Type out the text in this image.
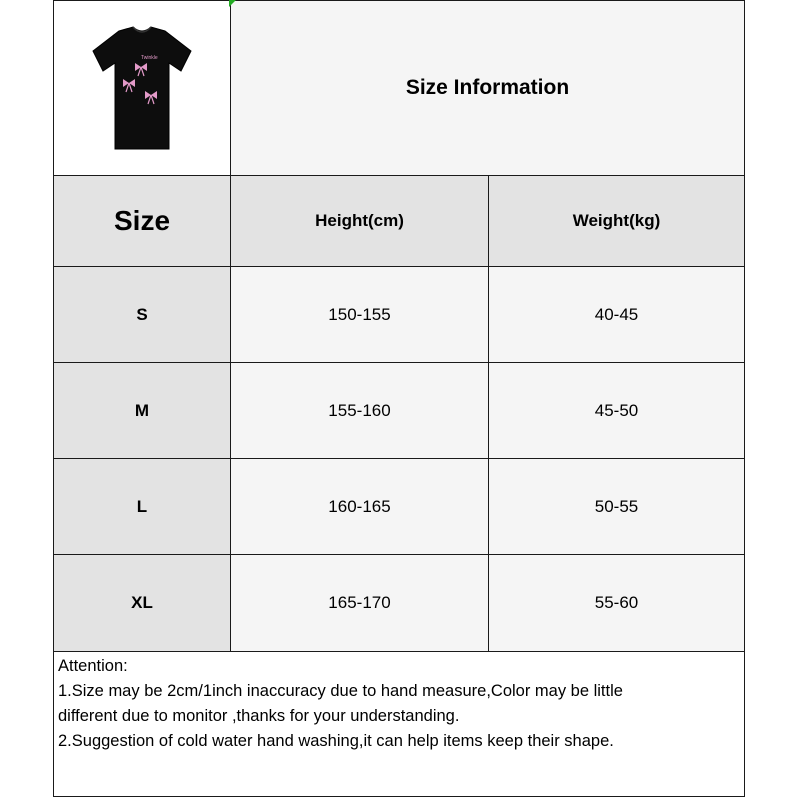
Twinkle
Size Information
Size	Height(cm)	Weight(kg)
S	150-155	40-45
M	155-160	45-50
L	160-165	50-55
XL	165-170	55-60
Attention:
1.Size may be 2cm/1inch inaccuracy due to hand measure,Color may be little
different due to monitor ,thanks for your understanding.
2.Suggestion of cold water hand washing,it can help items keep their shape.
